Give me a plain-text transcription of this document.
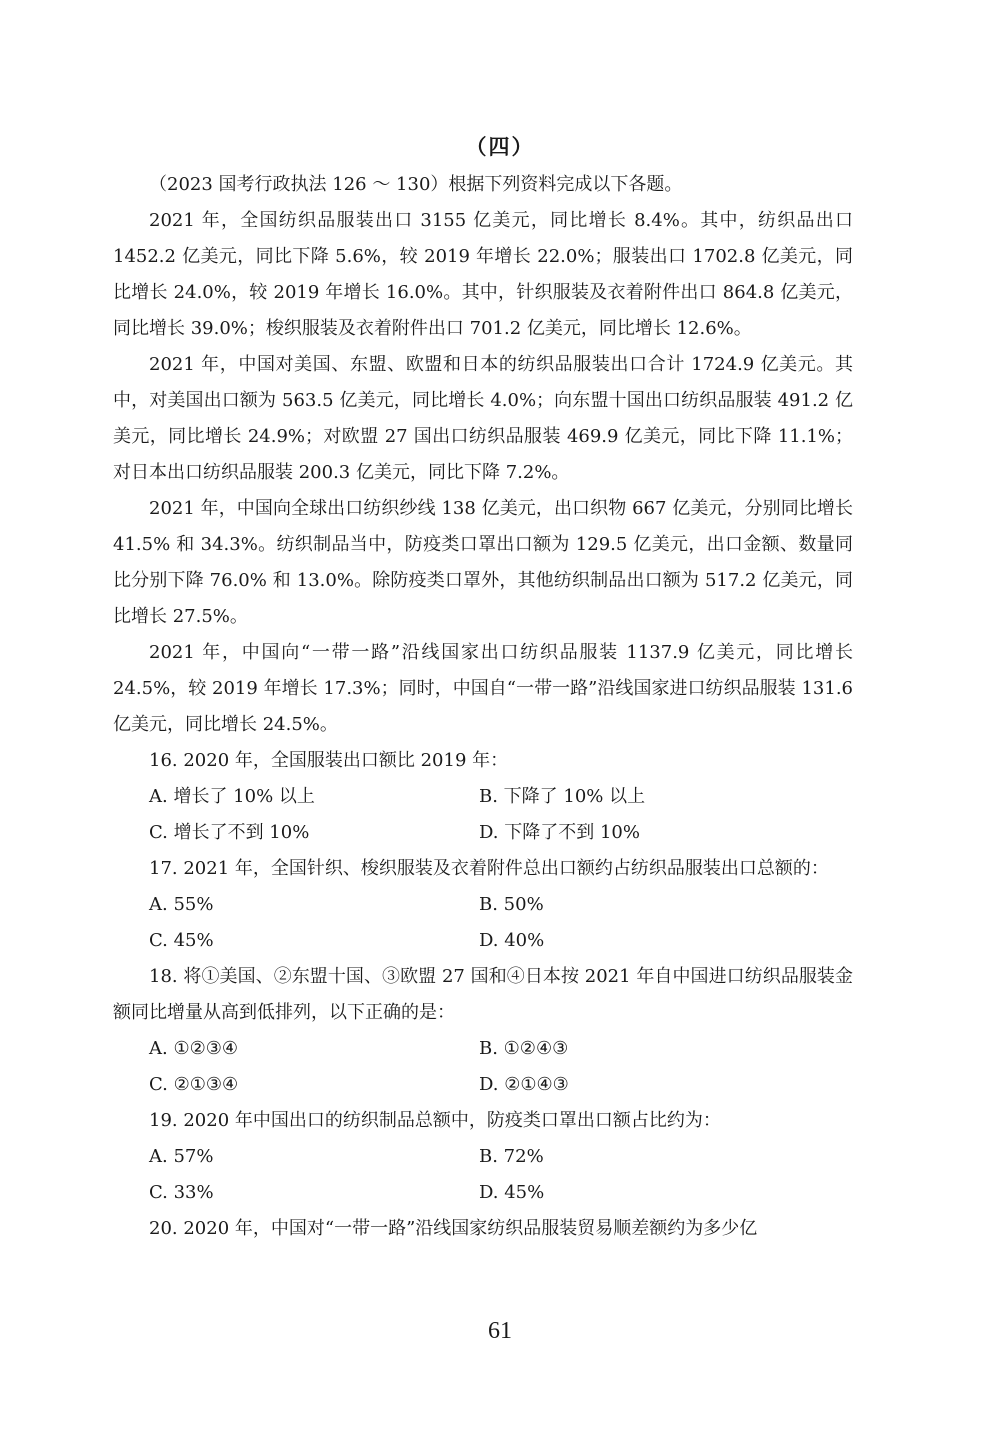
（四）

（2023 国考行政执法 126 ～ 130）根据下列资料完成以下各题。

2021 年，全国纺织品服装出口 3155 亿美元，同比增长 8.4%。其中，纺织品出口 1452.2 亿美元，同比下降 5.6%，较 2019 年增长 22.0%；服装出口 1702.8 亿美元，同比增长 24.0%，较 2019 年增长 16.0%。其中，针织服装及衣着附件出口 864.8 亿美元，同比增长 39.0%；梭织服装及衣着附件出口 701.2 亿美元，同比增长 12.6%。

2021 年，中国对美国、东盟、欧盟和日本的纺织品服装出口合计 1724.9 亿美元。其中，对美国出口额为 563.5 亿美元，同比增长 4.0%；向东盟十国出口纺织品服装 491.2 亿美元，同比增长 24.9%；对欧盟 27 国出口纺织品服装 469.9 亿美元，同比下降 11.1%；对日本出口纺织品服装 200.3 亿美元，同比下降 7.2%。

2021 年，中国向全球出口纺织纱线 138 亿美元，出口织物 667 亿美元，分别同比增长 41.5% 和 34.3%。纺织制品当中，防疫类口罩出口额为 129.5 亿美元，出口金额、数量同比分别下降 76.0% 和 13.0%。除防疫类口罩外，其他纺织制品出口额为 517.2 亿美元，同比增长 27.5%。

2021 年，中国向“一带一路”沿线国家出口纺织品服装 1137.9 亿美元，同比增长 24.5%，较 2019 年增长 17.3%；同时，中国自“一带一路”沿线国家进口纺织品服装 131.6 亿美元，同比增长 24.5%。

16. 2020 年，全国服装出口额比 2019 年：
A. 增长了 10% 以上	B. 下降了 10% 以上
C. 增长了不到 10%	D. 下降了不到 10%
17. 2021 年，全国针织、梭织服装及衣着附件总出口额约占纺织品服装出口总额的：
A. 55%	B. 50%
C. 45%	D. 40%
18. 将①美国、②东盟十国、③欧盟 27 国和④日本按 2021 年自中国进口纺织品服装金额同比增量从高到低排列，以下正确的是：
A. ①②③④	B. ①②④③
C. ②①③④	D. ②①④③
19. 2020 年中国出口的纺织制品总额中，防疫类口罩出口额占比约为：
A. 57%	B. 72%
C. 33%	D. 45%
20. 2020 年，中国对“一带一路”沿线国家纺织品服装贸易顺差额约为多少亿
61
